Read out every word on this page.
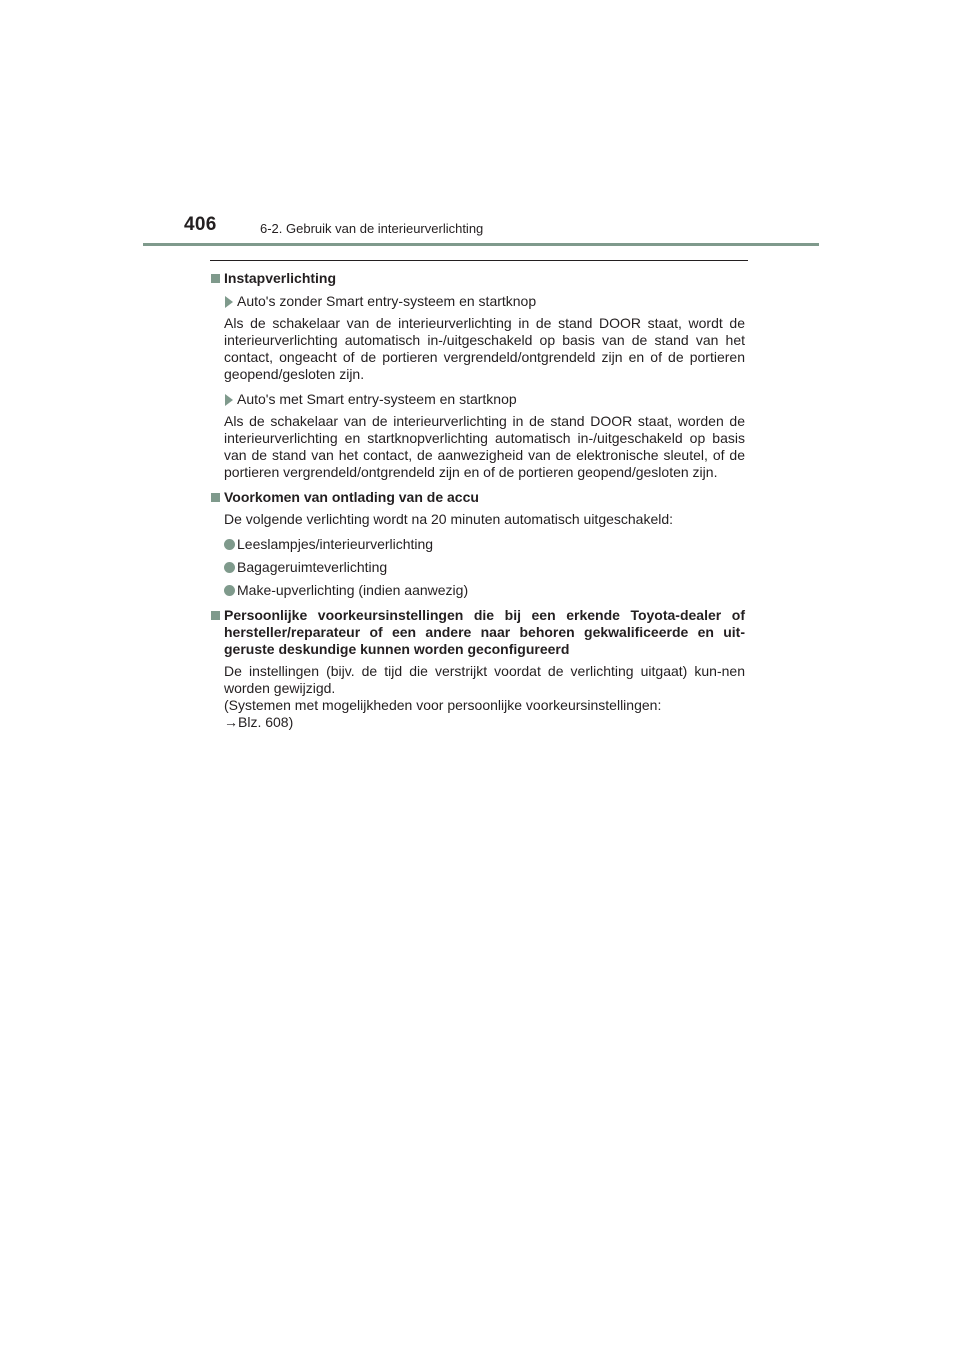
406	6-2. Gebruik van de interieurverlichting
Instapverlichting
Auto's zonder Smart entry-systeem en startknop
Als de schakelaar van de interieurverlichting in de stand DOOR staat, wordt de interieurverlichting automatisch in-/uitgeschakeld op basis van de stand van het contact, ongeacht of de portieren vergrendeld/ontgrendeld zijn en of de portieren geopend/gesloten zijn.
Auto's met Smart entry-systeem en startknop
Als de schakelaar van de interieurverlichting in de stand DOOR staat, worden de interieurverlichting en startknopverlichting automatisch in-/uitgeschakeld op basis van de stand van het contact, de aanwezigheid van de elektronische sleutel, of de portieren vergrendeld/ontgrendeld zijn en of de portieren geopend/gesloten zijn.
Voorkomen van ontlading van de accu
De volgende verlichting wordt na 20 minuten automatisch uitgeschakeld:
Leeslampjes/interieurverlichting
Bagageruimteverlichting
Make-upverlichting (indien aanwezig)
Persoonlijke voorkeursinstellingen die bij een erkende Toyota-dealer of hersteller/reparateur of een andere naar behoren gekwalificeerde en uit-geruste deskundige kunnen worden geconfigureerd
De instellingen (bijv. de tijd die verstrijkt voordat de verlichting uitgaat) kun-nen worden gewijzigd.
(Systemen met mogelijkheden voor persoonlijke voorkeursinstellingen:
→Blz. 608)
